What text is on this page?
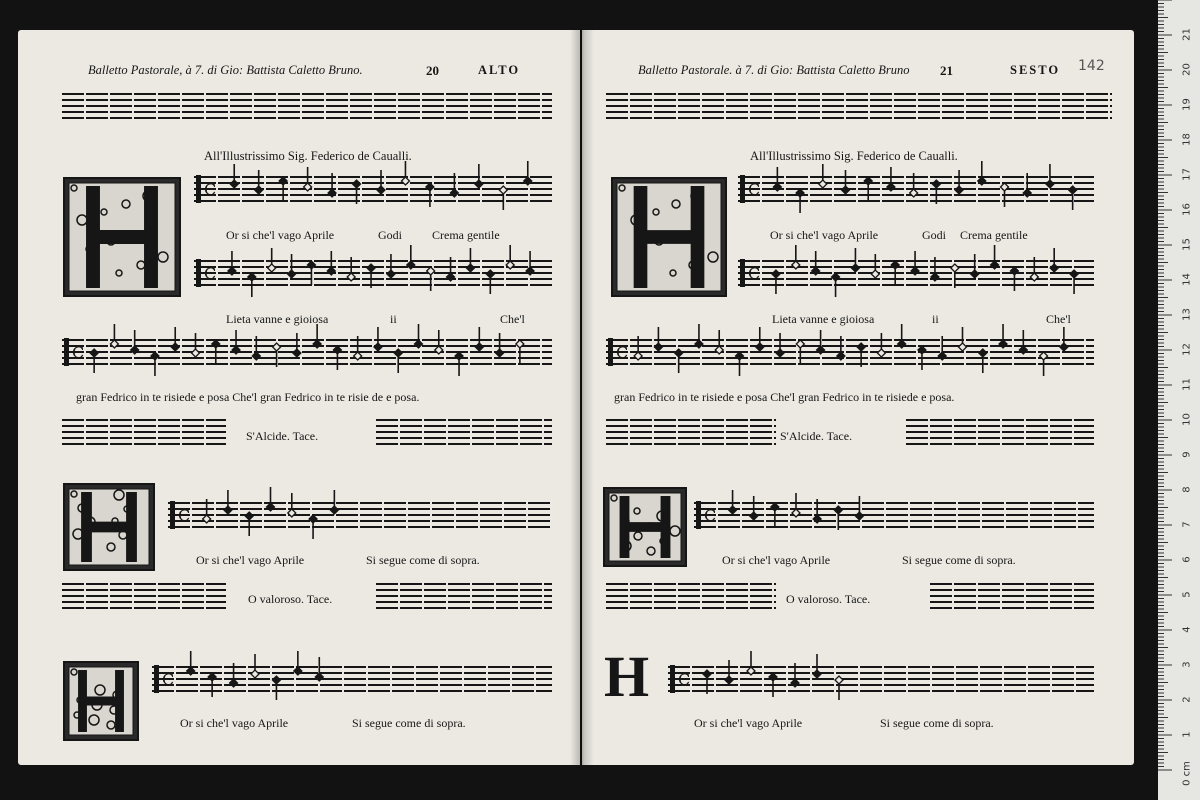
Balletto Pastorale, à 7. di Gio: Battista Caletto Bruno.	20	ALTO
All'Illustrissimo Sig. Federico de Caualli.
Or si che'l vago Aprile	Godi	Crema gentile
Lieta vanne e gioiosa	ii	Che'l
gran Fedrico in te risiede e posa Che'l gran Fedrico in te risie de e posa.
S'Alcide. Tace.
Or si che'l vago Aprile	Si segue come di sopra.
O valoroso. Tace.
Or si che'l vago Aprile	Si segue come di sopra.
Balletto Pastorale. à 7. di Gio: Battista Caletto Bruno 21	SESTO 142
All'Illustrissimo Sig. Federico de Caualli.
Or si che'l vago Aprile	Godi Crema gentile
Lieta vanne e gioiosa	ii	Che'l
gran Fedrico in te risiede e posa Che'l gran Fedrico in te risiede e posa.
S'Alcide. Tace.
Or si che'l vago Aprile	Si segue come di sopra.
O valoroso. Tace.
Or si che'l vago Aprile	Si segue come di sopra.
C
C
C
C
C
C
C
C
C
C
H
0 cm
21
20
19
18
17
16
15
14
13
12
11
10
9
8
7
6
5
4
3
2
1
